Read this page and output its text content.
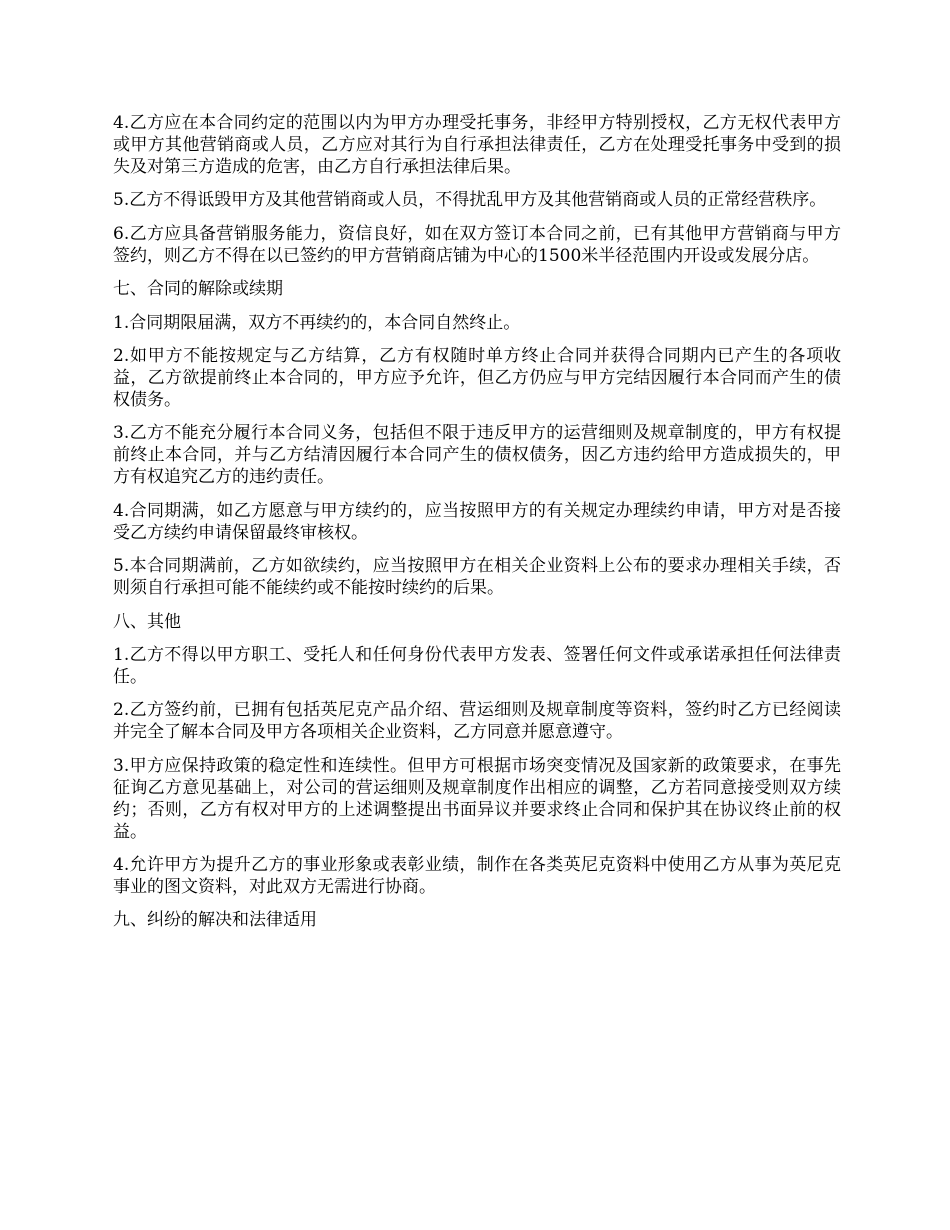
4.乙方应在本合同约定的范围以内为甲方办理受托事务，非经甲方特别授权，乙方无权代表甲方或甲方其他营销商或人员，乙方应对其行为自行承担法律责任，乙方在处理受托事务中受到的损失及对第三方造成的危害，由乙方自行承担法律后果。

5.乙方不得诋毁甲方及其他营销商或人员，不得扰乱甲方及其他营销商或人员的正常经营秩序。

6.乙方应具备营销服务能力，资信良好，如在双方签订本合同之前，已有其他甲方营销商与甲方签约，则乙方不得在以已签约的甲方营销商店铺为中心的1500米半径范围内开设或发展分店。

七、合同的解除或续期

1.合同期限届满，双方不再续约的，本合同自然终止。

2.如甲方不能按规定与乙方结算，乙方有权随时单方终止合同并获得合同期内已产生的各项收益，乙方欲提前终止本合同的，甲方应予允许，但乙方仍应与甲方完结因履行本合同而产生的债权债务。

3.乙方不能充分履行本合同义务，包括但不限于违反甲方的运营细则及规章制度的，甲方有权提前终止本合同，并与乙方结清因履行本合同产生的债权债务，因乙方违约给甲方造成损失的，甲方有权追究乙方的违约责任。

4.合同期满，如乙方愿意与甲方续约的，应当按照甲方的有关规定办理续约申请，甲方对是否接受乙方续约申请保留最终审核权。

5.本合同期满前，乙方如欲续约，应当按照甲方在相关企业资料上公布的要求办理相关手续，否则须自行承担可能不能续约或不能按时续约的后果。

八、其他

1.乙方不得以甲方职工、受托人和任何身份代表甲方发表、签署任何文件或承诺承担任何法律责任。

2.乙方签约前，已拥有包括英尼克产品介绍、营运细则及规章制度等资料，签约时乙方已经阅读并完全了解本合同及甲方各项相关企业资料，乙方同意并愿意遵守。

3.甲方应保持政策的稳定性和连续性。但甲方可根据市场突变情况及国家新的政策要求，在事先征询乙方意见基础上，对公司的营运细则及规章制度作出相应的调整，乙方若同意接受则双方续约；否则，乙方有权对甲方的上述调整提出书面异议并要求终止合同和保护其在协议终止前的权益。

4.允许甲方为提升乙方的事业形象或表彰业绩，制作在各类英尼克资料中使用乙方从事为英尼克事业的图文资料，对此双方无需进行协商。

九、纠纷的解决和法律适用
